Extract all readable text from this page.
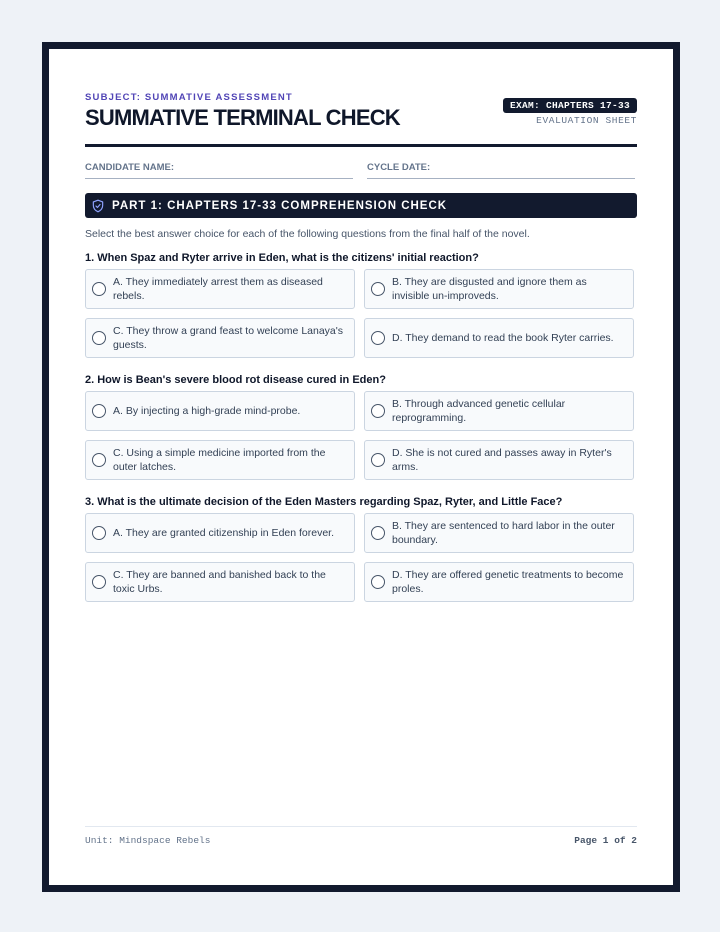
SUBJECT: SUMMATIVE ASSESSMENT
SUMMATIVE TERMINAL CHECK	EXAM: CHAPTERS 17-33
EVALUATION SHEET
CANDIDATE NAME:	CYCLE DATE:
PART 1: CHAPTERS 17-33 COMPREHENSION CHECK
Select the best answer choice for each of the following questions from the final half of the novel.
1. When Spaz and Ryter arrive in Eden, what is the citizens' initial reaction?
A. They immediately arrest them as diseased rebels.
B. They are disgusted and ignore them as invisible un-improveds.
C. They throw a grand feast to welcome Lanaya's guests.
D. They demand to read the book Ryter carries.
2. How is Bean's severe blood rot disease cured in Eden?
A. By injecting a high-grade mind-probe.
B. Through advanced genetic cellular reprogramming.
C. Using a simple medicine imported from the outer latches.
D. She is not cured and passes away in Ryter's arms.
3. What is the ultimate decision of the Eden Masters regarding Spaz, Ryter, and Little Face?
A. They are granted citizenship in Eden forever.
B. They are sentenced to hard labor in the outer boundary.
C. They are banned and banished back to the toxic Urbs.
D. They are offered genetic treatments to become proles.
Unit: Mindspace Rebels	Page 1 of 2
